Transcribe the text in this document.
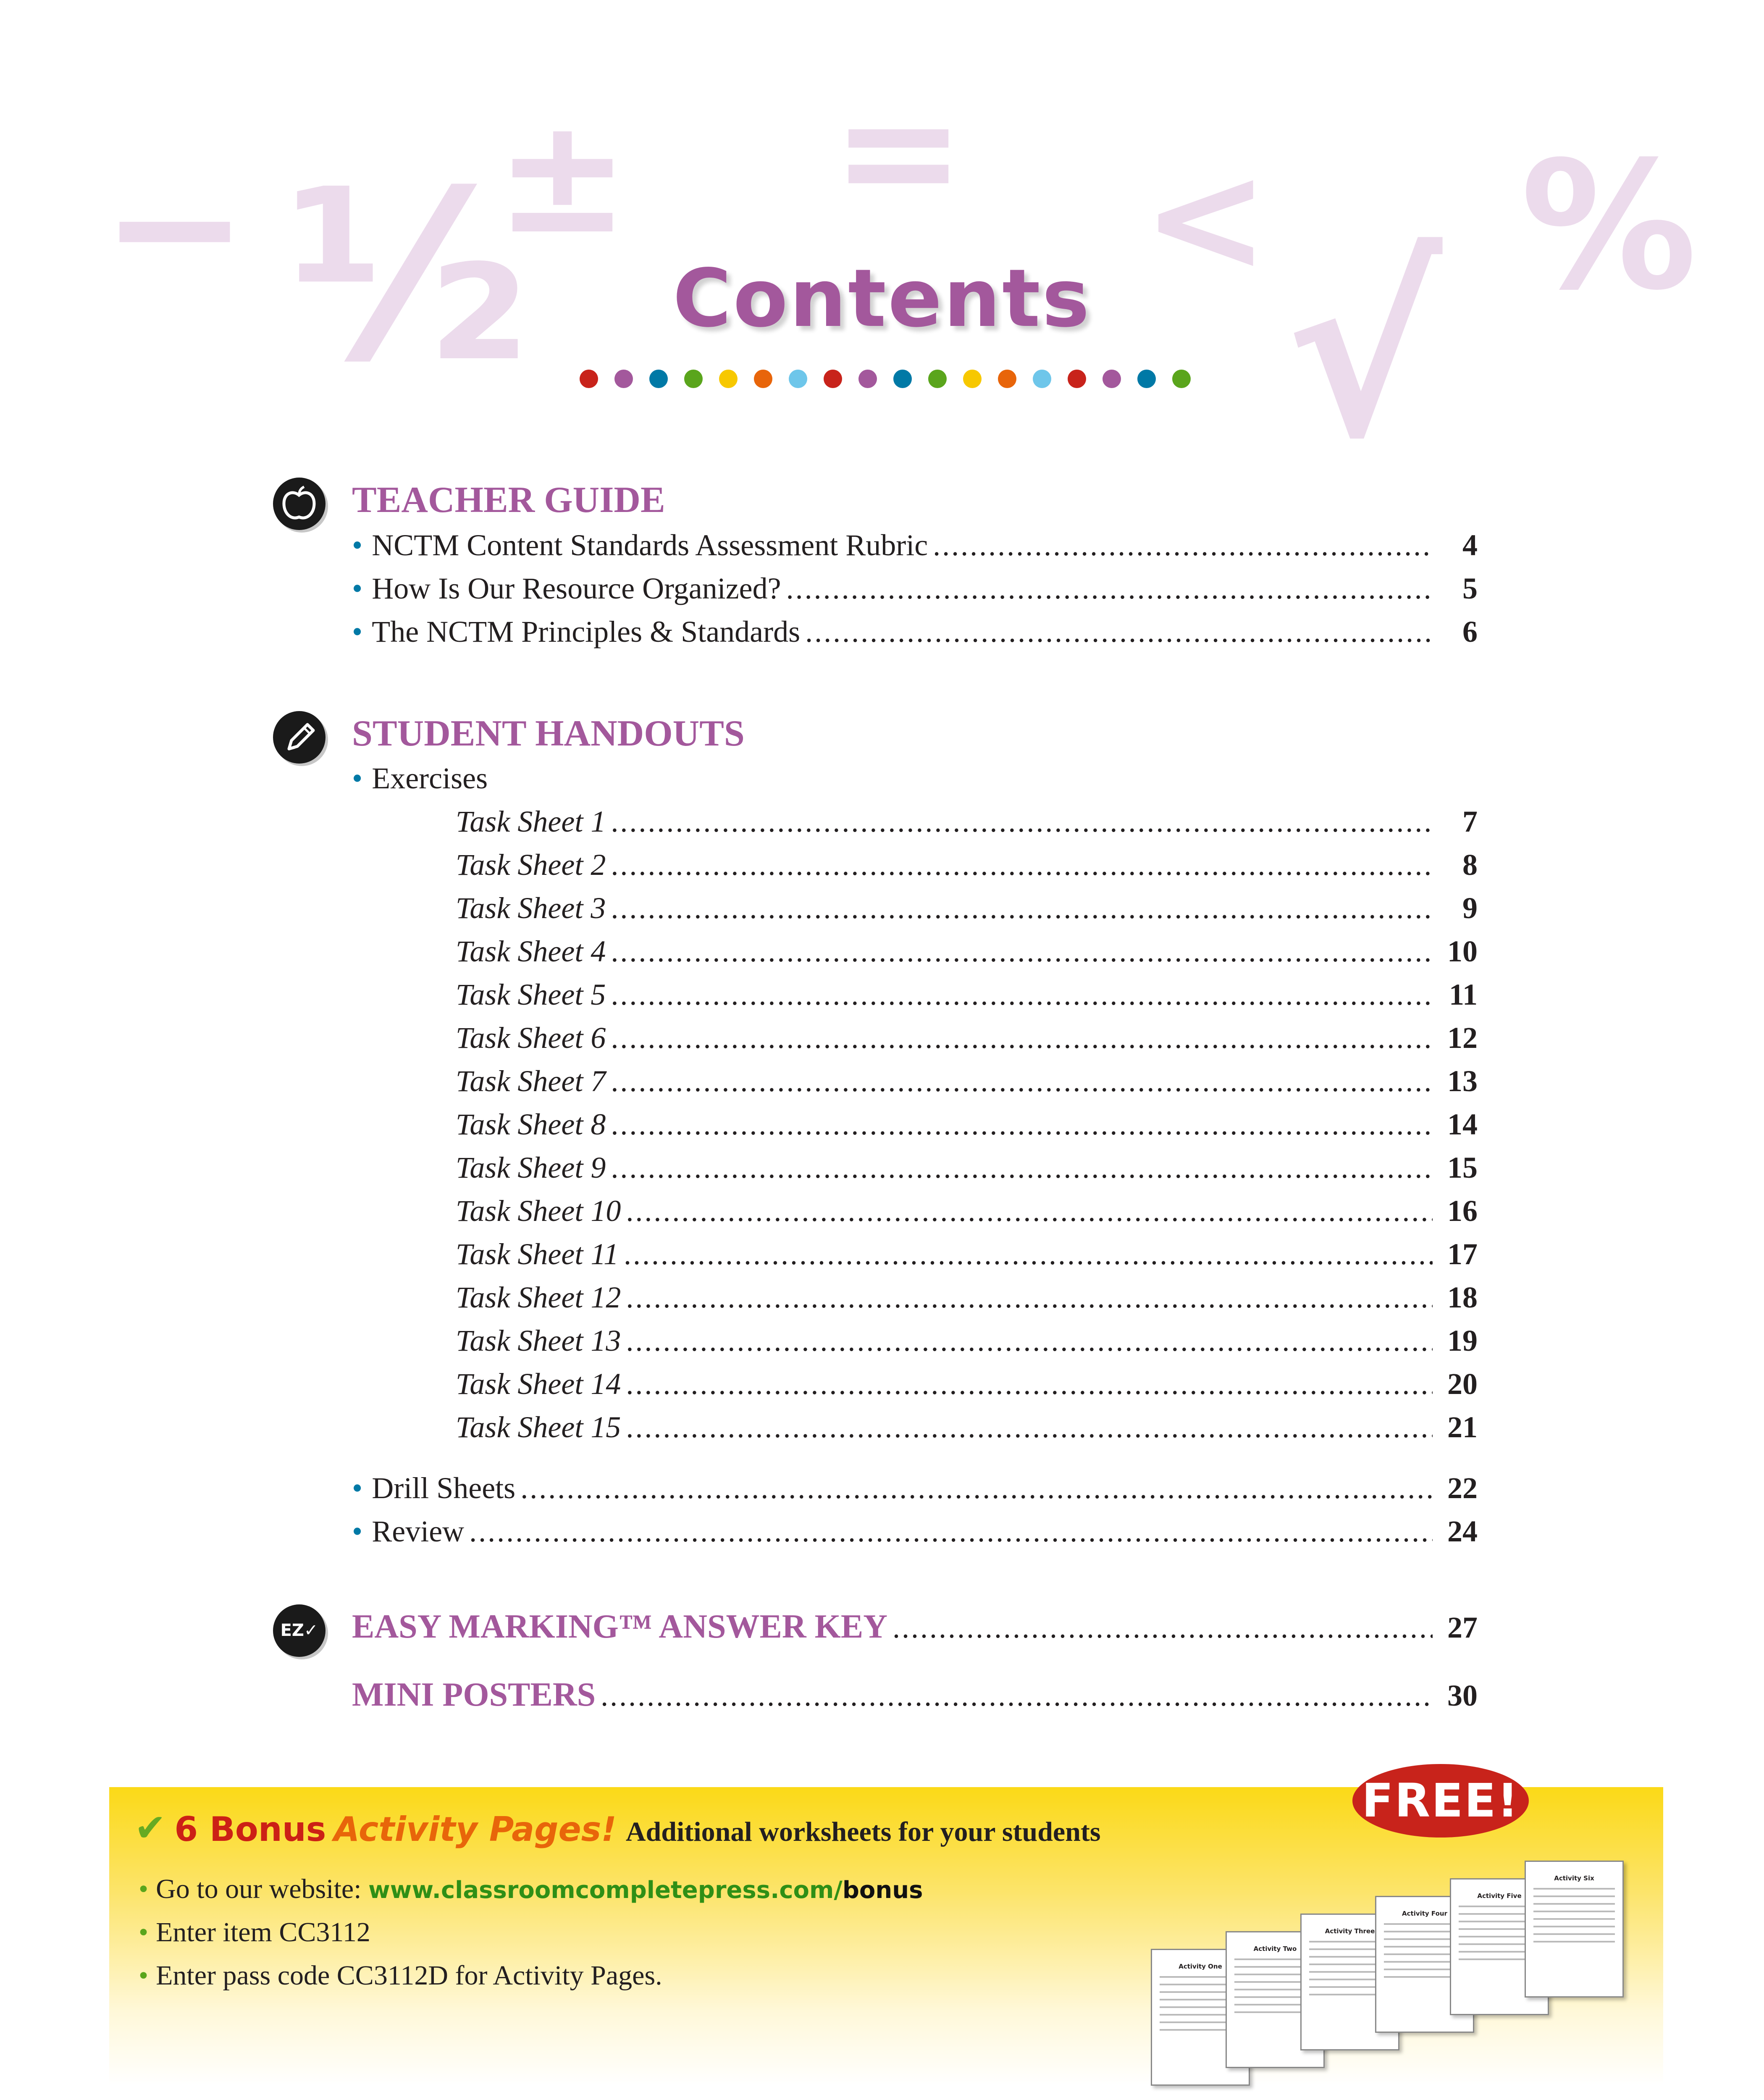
− ½
± = < √ %
Contents
TEACHER GUIDE
• NCTM Content Standards Assessment Rubric .....	4
• How Is Our Resource Organized? .....	5
• The NCTM Principles & Standards .....	6
STUDENT HANDOUTS
• Exercises
Task Sheet 1 .....	7
Task Sheet 2 .....	8
Task Sheet 3 .....	9
Task Sheet 4 .....	10
Task Sheet 5 .....	11
Task Sheet 6 .....	12
Task Sheet 7 .....	13
Task Sheet 8 .....	14
Task Sheet 9 .....	15
Task Sheet 10 .....	16
Task Sheet 11 .....	17
Task Sheet 12 .....	18
Task Sheet 13 .....	19
Task Sheet 14 .....	20
Task Sheet 15 .....	21
• Drill Sheets .....	22
• Review .....	24
EZ✓ EASY MARKING™ ANSWER KEY .....	27
MINI POSTERS .....	30
✔ 6 Bonus Activity Pages! Additional worksheets for your students
• Go to our website: www.classroomcompletepress.com/bonus
• Enter item CC3112
• Enter pass code CC3112D for Activity Pages.	Activity One
Activity Two
Activity Three
Activity Four
Activity Five
Activity Six
FREE!
